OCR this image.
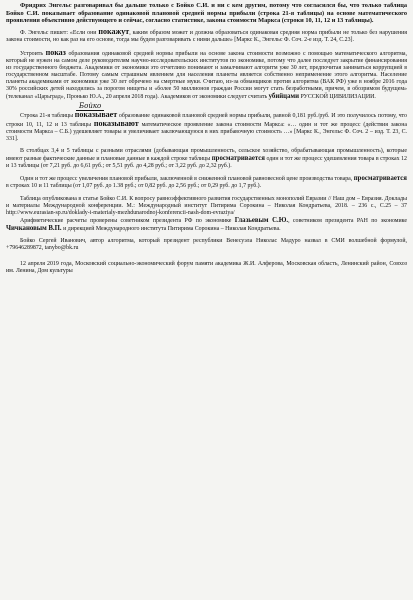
Фридрих Энгельс разговаривал бы дальше только с Бойко С.И. и ни с кем другим, потому что согласился бы, что только таблица Бойко С.И. показывает образование одинаковой плановой средней нормы прибыли (строка 21-я таблицы) на основе математического проявления объективно действующего и сейчас, согласно статистике, закона стоимости Маркса (строки 10, 11, 12 и 13 таблицы).

Ф. Энгельс пишет: «Если они покажут, каким образом может и должна образоваться одинаковая средняя норма прибыли не только без нарушения закона стоимости, но как раз на его основе, тогда мы будем разговаривать с ними дальше» [Маркс К., Энгельс Ф. Соч. 2-е изд. Т. 24, С.23].

Устроить показ образования одинаковой средней нормы прибыли на основе закона стоимости возможно с помощью математического алгоритма, который не нужен на самом деле руководителям научно-исследовательских институтов по экономике, потому что далее последует закрытие финансирования из государственного бюджета. Академики от экономики это отчетливо понимают и замалчивают алгоритм уже 30 лет, предпочитая заниматься коррупцией в государственном масштабе. Потому самым страшным явлением для населения планеты является собственно неприменение этого алгоритма. Население планеты академиками от экономики уже 30 лет обречено на смертные муки. Считаю, из-за обманщиков против алгоритма (ВАК РФ) уже в ноябре 2016 года 30% российских детей находились за порогом нищеты и «более 50 миллионов граждан России могут стать безработными, причем, в обозримом будущем» (телеканал «Царьград», Пронько Ю.А., 20 апреля 2018 года). Академиков от экономики следует считать убийцами РУССКОЙ ЦИВИЛИЗАЦИИ.

Бойко

Строка 21-я таблицы показывает образование одинаковой плановой средней нормы прибыли, равной 0,181 руб./руб. И это получилось потому, что строки 10, 11, 12 и 13 таблицы показывают математическое проявление закона стоимости Маркса: «… один и тот же процесс (действия закона стоимости Маркса – С.Б.) удешевляет товары и увеличивает заключающуюся в них прибавочную стоимость …» [Маркс К., Энгельс Ф. Соч. 2 – изд. Т. 23, С. 331].

В столбцах 3,4 и 5 таблицы с разными отраслями (добывающая промышленность, сельское хозяйство, обрабатывающая промышленность), которые имеют разные фактические данные и плановые данные в каждой строке таблицы просматривается один и тот же процесс удешевления товара в строках 12 и 13 таблицы (от 7,21 руб. до 6,61 руб.; от 5,51 руб. до 4,28 руб.; от 3,22 руб. до 2,32 руб.).

Один и тот же процесс увеличения плановой прибыли, заключенной в сниженной плановой равновесной цене производства товара, просматривается в строках 10 и 11 таблицы (от 1,07 руб. до 1.38 руб.; от 0,82 руб. до 2,56 руб.; от 0,29 руб. до 1,7 руб.).

Таблица опубликована в статье Бойко С.И. К вопросу равноэффективного развития государственных монополий Евразии // Наш дом – Евразия. Доклады и материалы Международной конференции. М.: Международный институт Питирима Сорокина – Николая Кондратьева, 2018. – 236 с., С.25 – 37 http://www.eurasian-sp.ru/doklady-i-materialy-mezhdunarodnoj-konferencii-nash-dom-evraziya/

Арифметические расчеты проверены советником президента РФ по экономике Глазьевым С.Ю., советником президента РАН по экономике Чичкановым В.П. и дирекцией Международного института Питирима Сорокина – Николая Кондратьева.

Бойко Сергей Иванович, автор алгоритма, который президент республики Венесуэла Николас Мадуро назвал в СМИ волшебной формулой, +79646289872, tanybo@bk.ru

12 апреля 2019 года, Московский социально-экономический форум памяти академика Ж.И. Алферова, Московская область, Ленинский район, Совхоз им. Ленина, Дом культуры
